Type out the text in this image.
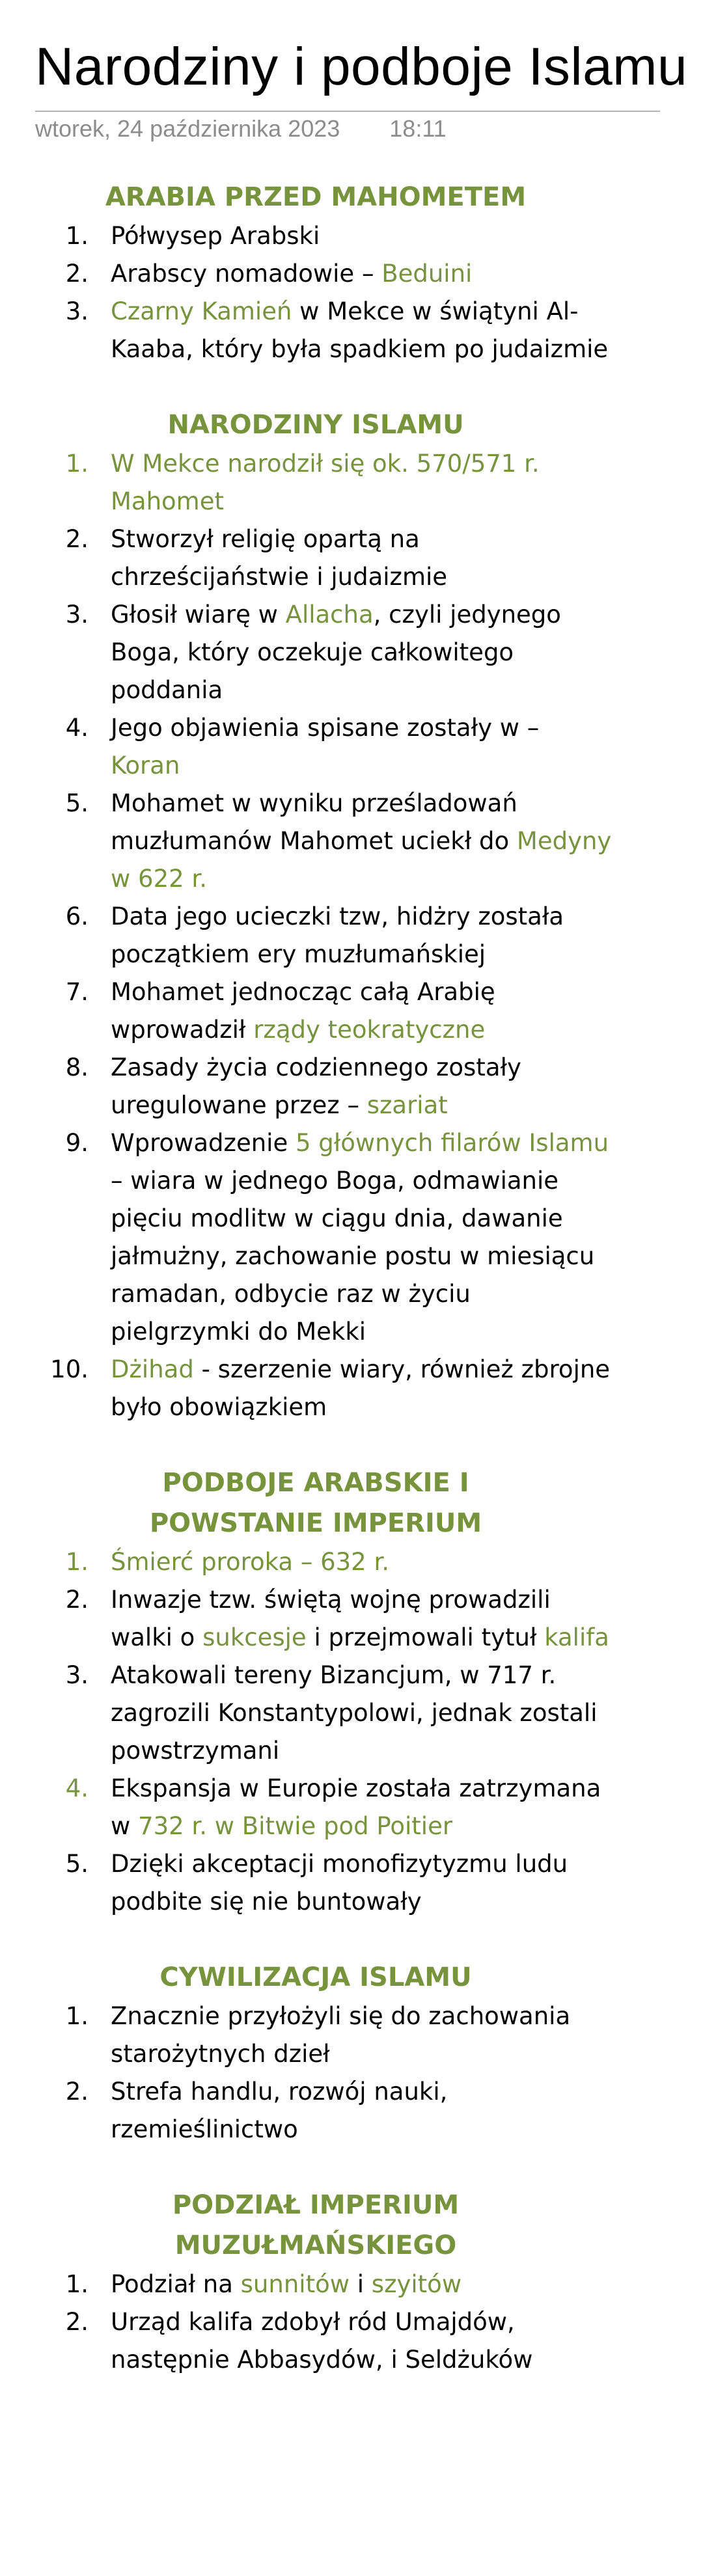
Narodziny i podboje Islamu
wtorek, 24 października 2023 18:11
ARABIA PRZED MAHOMETEM
1. Półwysep Arabski
2. Arabscy nomadowie – Beduini
3. Czarny Kamień w Mekce w świątyni Al-Kaaba, który była spadkiem po judaizmie
NARODZINY ISLAMU
1. W Mekce narodził się ok. 570/571 r. Mahomet
2. Stworzył religię opartą na chrześcijaństwie i judaizmie
3. Głosił wiarę w Allacha, czyli jedynego Boga, który oczekuje całkowitego poddania
4. Jego objawienia spisane zostały w – Koran
5. Mohamet w wyniku prześladowań muzłumanów Mahomet uciekł do Medyny w 622 r.
6. Data jego ucieczki tzw, hidżry została początkiem ery muzłumańskiej
7. Mohamet jednocząc całą Arabię wprowadził rządy teokratyczne
8. Zasady życia codziennego zostały uregulowane przez – szariat
9. Wprowadzenie 5 głównych filarów Islamu – wiara w jednego Boga, odmawianie pięciu modlitw w ciągu dnia, dawanie jałmużny, zachowanie postu w miesiącu ramadan, odbycie raz w życiu pielgrzymki do Mekki
10. Dżihad - szerzenie wiary, również zbrojne było obowiązkiem
PODBOJE ARABSKIE I POWSTANIE IMPERIUM
1. Śmierć proroka – 632 r.
2. Inwazje tzw. świętą wojnę prowadzili walki o sukcesje i przejmowali tytuł kalifa
3. Atakowali tereny Bizancjum, w 717 r. zagrozili Konstantypolowi, jednak zostali powstrzymani
4. Ekspansja w Europie została zatrzymana w 732 r. w Bitwie pod Poitier
5. Dzięki akceptacji monofizytyzmu ludu podbite się nie buntowały
CYWILIZACJA ISLAMU
1. Znacznie przyłożyli się do zachowania starożytnych dzieł
2. Strefa handlu, rozwój nauki, rzemieślinictwo
PODZIAŁ IMPERIUM MUZUŁMAŃSKIEGO
1. Podział na sunnitów i szyitów
2. Urząd kalifa zdobył ród Umajdów, następnie Abbasydów, i Seldżuków
